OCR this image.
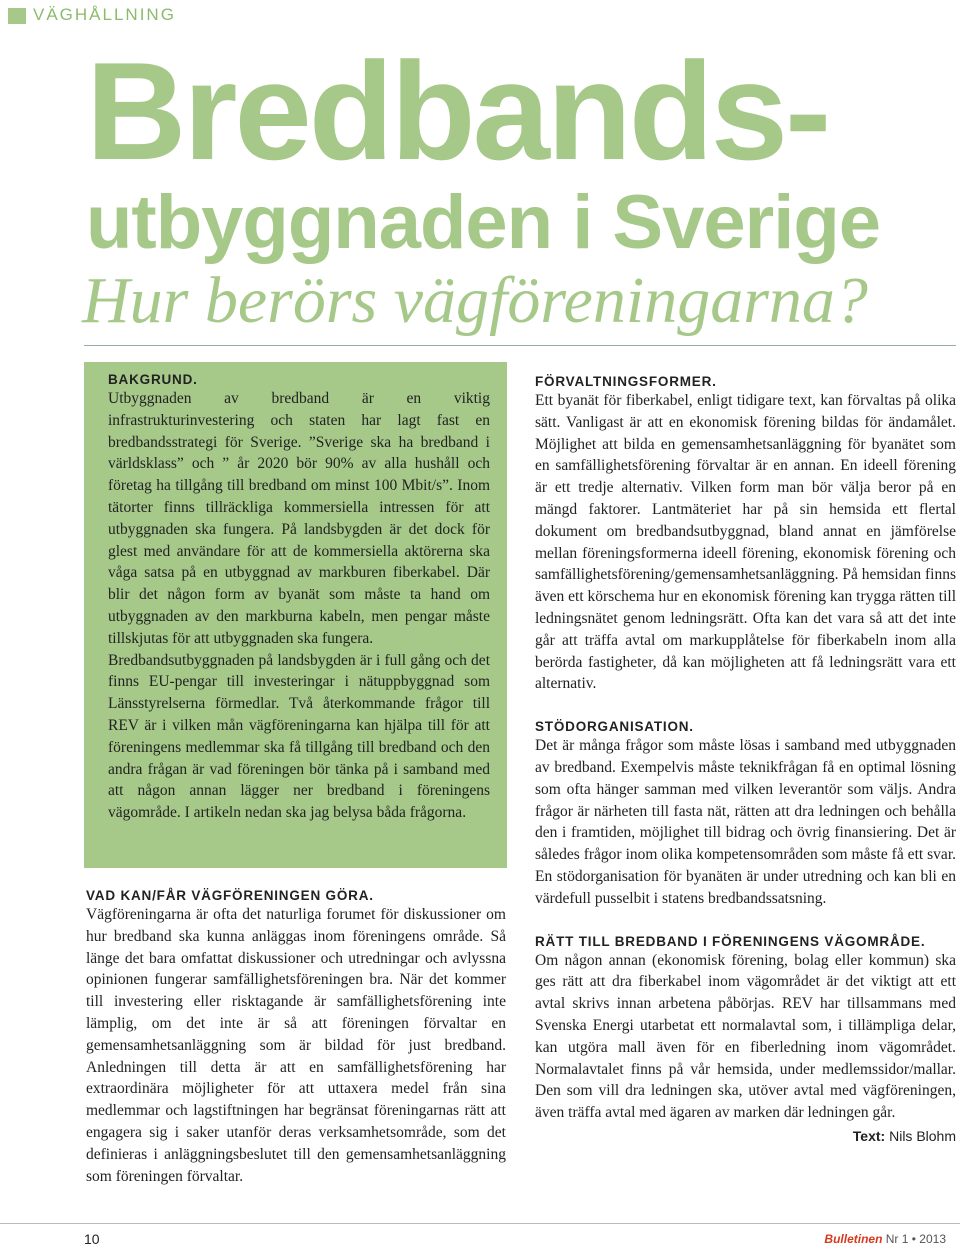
VÄGHÅLLNING
Bredbands-
utbyggnaden i Sverige
Hur berörs vägföreningarna?
BAKGRUND.

Utbyggnaden av bredband är en viktig infrastrukturinvestering och staten har lagt fast en bredbandsstrategi för Sverige. ”Sverige ska ha bredband i världsklass” och ” år 2020 bör 90% av alla hushåll och företag ha tillgång till bredband om minst 100 Mbit/s”. Inom tätorter finns tillräckliga kommersiella intressen för att utbyggnaden ska fungera. På landsbygden är det dock för glest med användare för att de kommersiella aktörerna ska våga satsa på en utbyggnad av markburen fiberkabel. Där blir det någon form av byanät som måste ta hand om utbyggnaden av den markburna kabeln, men pengar måste tillskjutas för att utbyggnaden ska fungera.

Bredbandsutbyggnaden på landsbygden är i full gång och det finns EU-pengar till investeringar i nätuppbyggnad som Länsstyrelserna förmedlar. Två återkommande frågor till REV är i vilken mån vägföreningarna kan hjälpa till för att föreningens medlemmar ska få tillgång till bredband och den andra frågan är vad föreningen bör tänka på i samband med att någon annan lägger ner bredband i föreningens vägområde. I artikeln nedan ska jag belysa båda frågorna.

VAD KAN/FÅR VÄGFÖRENINGEN GÖRA.

Vägföreningarna är ofta det naturliga forumet för diskussioner om hur bredband ska kunna anläggas inom föreningens område. Så länge det bara omfattat diskussioner och utredningar och avlyssna opinionen fungerar samfällighetsföreningen bra. När det kommer till investering eller risktagande är samfällighetsförening inte lämplig, om det inte är så att föreningen förvaltar en gemensamhetsanläggning som är bildad för just bredband. Anledningen till detta är att en samfällighetsförening har extraordinära möjligheter för att uttaxera medel från sina medlemmar och lagstiftningen har begränsat föreningarnas rätt att engagera sig i saker utanför deras verksamhetsområde, som det definieras i anläggningsbeslutet till den gemensamhetsanläggning som föreningen förvaltar.

FÖRVALTNINGSFORMER.

Ett byanät för fiberkabel, enligt tidigare text, kan förvaltas på olika sätt. Vanligast är att en ekonomisk förening bildas för ändamålet. Möjlighet att bilda en gemensamhetsanläggning för byanätet som en samfällighetsförening förvaltar är en annan. En ideell förening är ett tredje alternativ. Vilken form man bör välja beror på en mängd faktorer. Lantmäteriet har på sin hemsida ett flertal dokument om bredbandsutbyggnad, bland annat en jämförelse mellan föreningsformerna ideell förening, ekonomisk förening och samfällighetsförening/gemensamhetsanläggning. På hemsidan finns även ett körschema hur en ekonomisk förening kan trygga rätten till ledningsnätet genom ledningsrätt. Ofta kan det vara så att det inte går att träffa avtal om markupplåtelse för fiberkabeln inom alla berörda fastigheter, då kan möjligheten att få ledningsrätt vara ett alternativ.

STÖDORGANISATION.

Det är många frågor som måste lösas i samband med utbyggnaden av bredband. Exempelvis måste teknikfrågan få en optimal lösning som ofta hänger samman med vilken leverantör som väljs. Andra frågor är närheten till fasta nät, rätten att dra ledningen och behålla den i framtiden, möjlighet till bidrag och övrig finansiering. Det är således frågor inom olika kompetensområden som måste få ett svar. En stödorganisation för byanäten är under utredning och kan bli en värdefull pusselbit i statens bredbandssatsning.

RÄTT TILL BREDBAND I FÖRENINGENS VÄGOMRÅDE.

Om någon annan (ekonomisk förening, bolag eller kommun) ska ges rätt att dra fiberkabel inom vägområdet är det viktigt att ett avtal skrivs innan arbetena påbörjas. REV har tillsammans med Svenska Energi utarbetat ett normalavtal som, i tillämpliga delar, kan utgöra mall även för en fiberledning inom vägområdet. Normalavtalet finns på vår hemsida, under medlemssidor/mallar. Den som vill dra ledningen ska, utöver avtal med vägföreningen, även träffa avtal med ägaren av marken där ledningen går.

Text: Nils Blohm
10	Bulletinen Nr 1 • 2013
